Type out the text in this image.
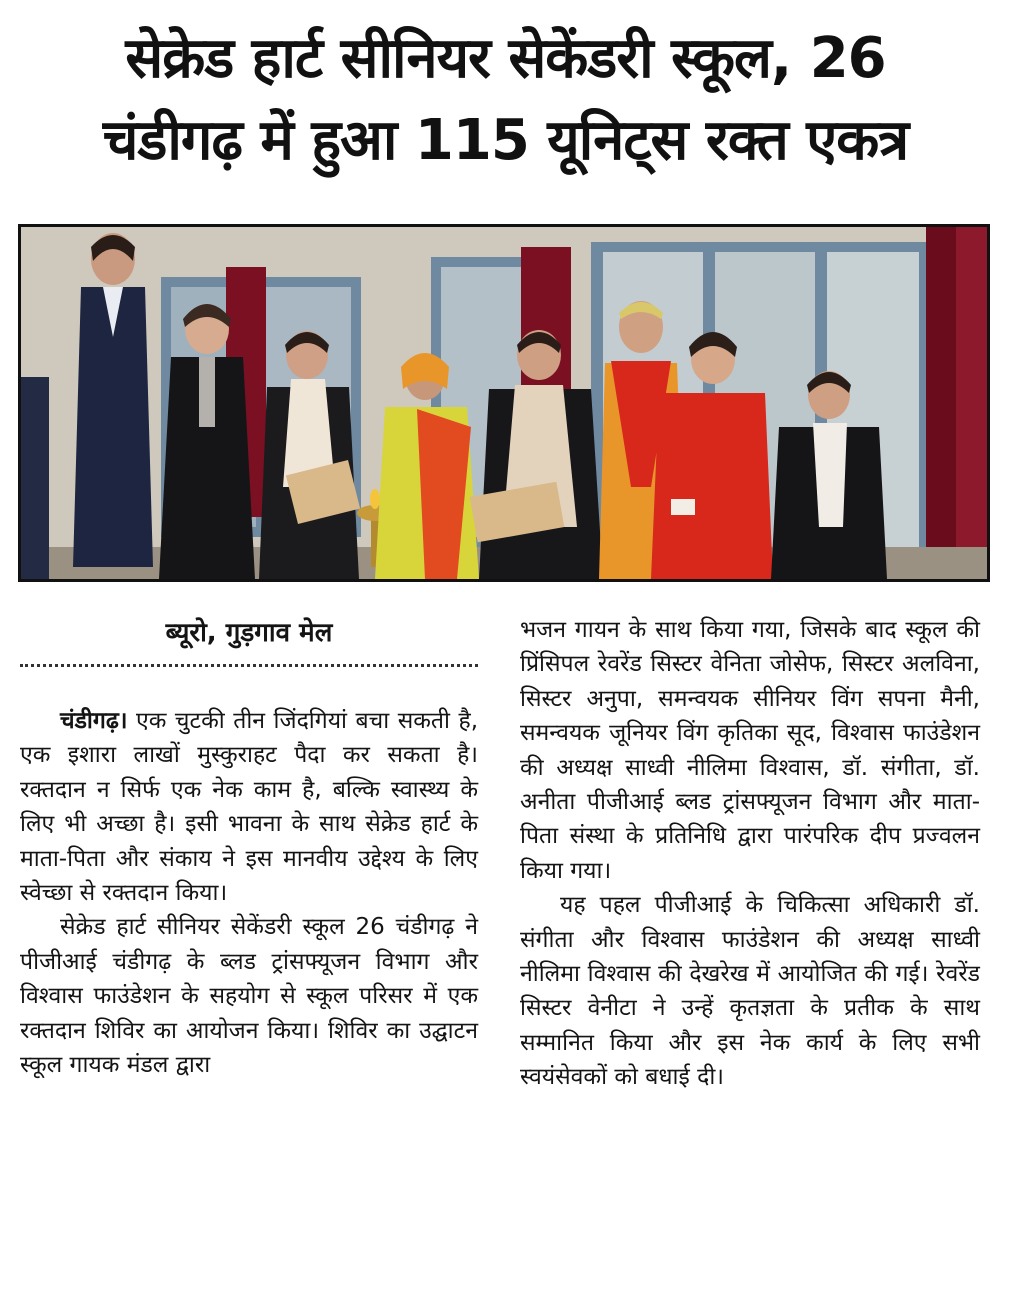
सेक्रेड हार्ट सीनियर सेकेंडरी स्कूल, 26
चंडीगढ़ में हुआ 115 यूनिट्स रक्त एकत्र
ब्यूरो, गुड़गाव मेल

चंडीगढ़। एक चुटकी तीन जिंदगियां बचा सकती है, एक इशारा लाखों मुस्कुराहट पैदा कर सकता है। रक्तदान न सिर्फ एक नेक काम है, बल्कि स्वास्थ्य के लिए भी अच्छा है। इसी भावना के साथ सेक्रेड हार्ट के माता-पिता और संकाय ने इस मानवीय उद्देश्य के लिए स्वेच्छा से रक्तदान किया।

सेक्रेड हार्ट सीनियर सेकेंडरी स्कूल 26 चंडीगढ़ ने पीजीआई चंडीगढ़ के ब्लड ट्रांसफ्यूजन विभाग और विश्वास फाउंडेशन के सहयोग से स्कूल परिसर में एक रक्तदान शिविर का आयोजन किया। शिविर का उद्घाटन स्कूल गायक मंडल द्वारा

भजन गायन के साथ किया गया, जिसके बाद स्कूल की प्रिंसिपल रेवरेंड सिस्टर वेनिता जोसेफ, सिस्टर अलविना, सिस्टर अनुपा, समन्वयक सीनियर विंग सपना मैनी, समन्वयक जूनियर विंग कृतिका सूद, विश्वास फाउंडेशन की अध्यक्ष साध्वी नीलिमा विश्वास, डॉ. संगीता, डॉ. अनीता पीजीआई ब्लड ट्रांसफ्यूजन विभाग और माता-पिता संस्था के प्रतिनिधि द्वारा पारंपरिक दीप प्रज्वलन किया गया।

यह पहल पीजीआई के चिकित्सा अधिकारी डॉ. संगीता और विश्वास फाउंडेशन की अध्यक्ष साध्वी नीलिमा विश्वास की देखरेख में आयोजित की गई। रेवरेंड सिस्टर वेनीटा ने उन्हें कृतज्ञता के प्रतीक के साथ सम्मानित किया और इस नेक कार्य के लिए सभी स्वयंसेवकों को बधाई दी।
